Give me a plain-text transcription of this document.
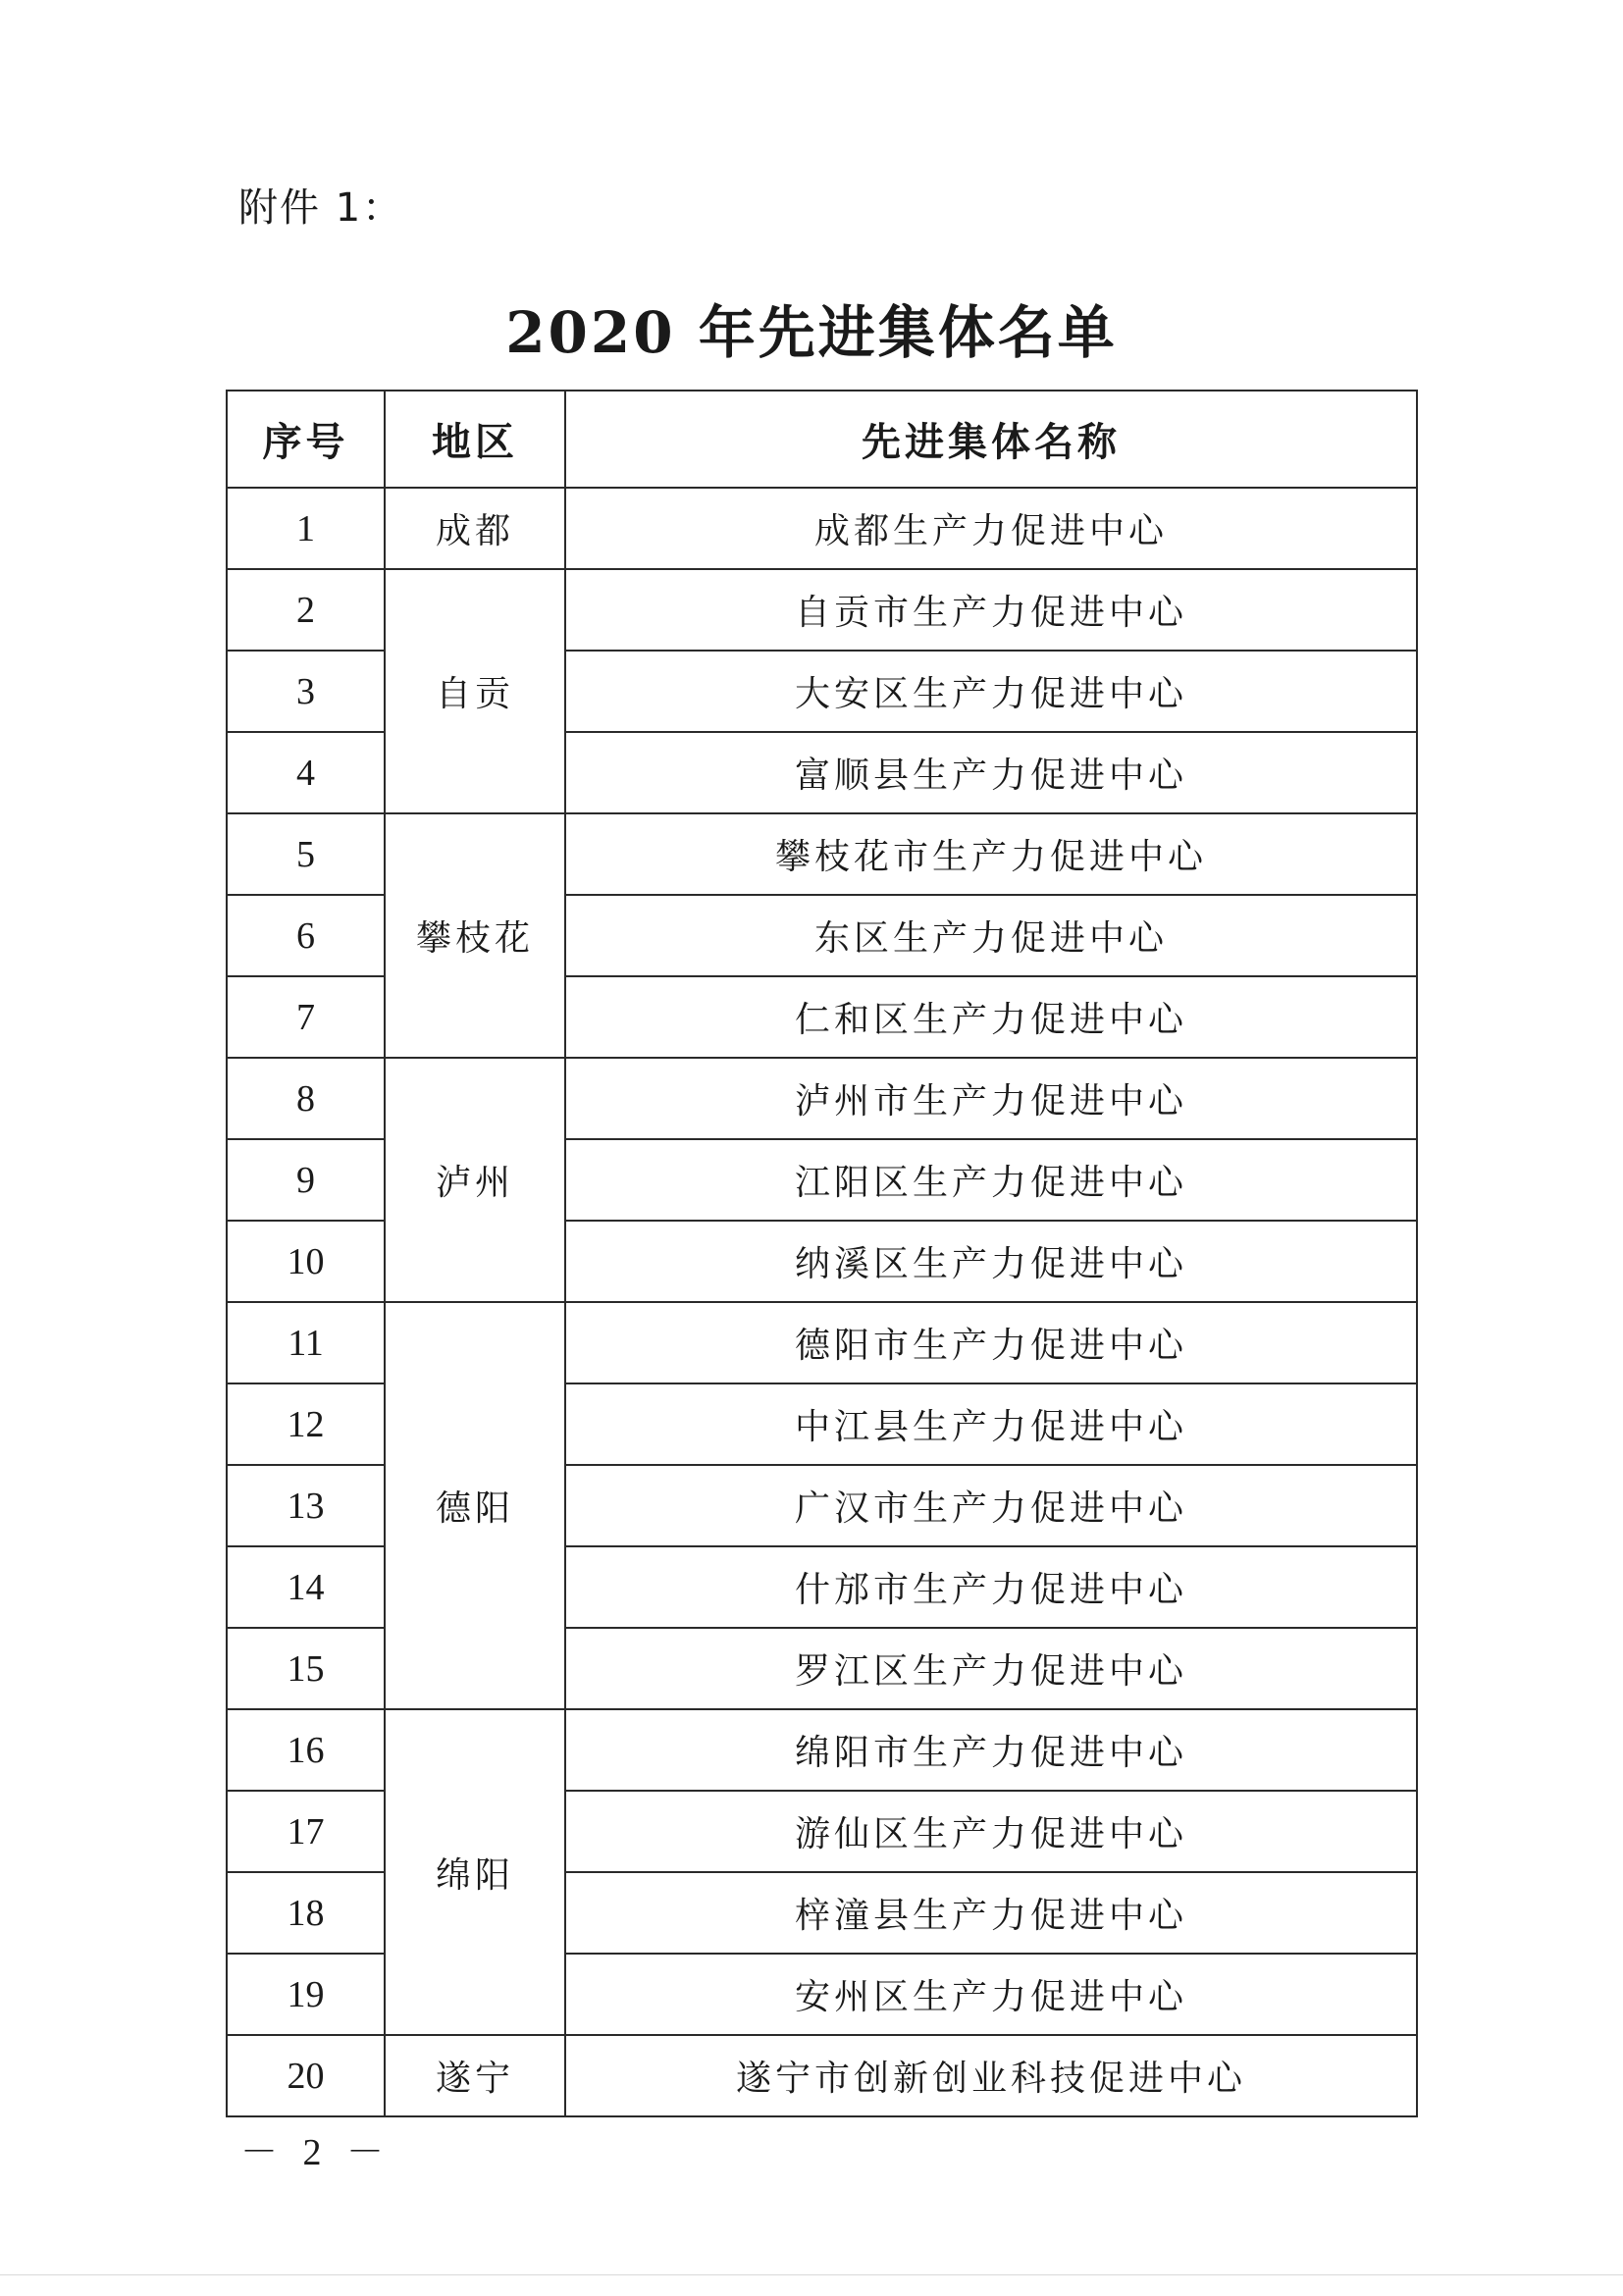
附件 1：
2020 年先进集体名单
序号	地区	先进集体名称
1	成都	成都生产力促进中心
2	自贡	自贡市生产力促进中心
3		大安区生产力促进中心
4		富顺县生产力促进中心
5	攀枝花	攀枝花市生产力促进中心
6		东区生产力促进中心
7		仁和区生产力促进中心
8	泸州	泸州市生产力促进中心
9		江阳区生产力促进中心
10		纳溪区生产力促进中心
11	德阳	德阳市生产力促进中心
12		中江县生产力促进中心
13		广汉市生产力促进中心
14		什邡市生产力促进中心
15		罗江区生产力促进中心
16	绵阳	绵阳市生产力促进中心
17		游仙区生产力促进中心
18		梓潼县生产力促进中心
19		安州区生产力促进中心
20	遂宁	遂宁市创新创业科技促进中心
－ 2 －
